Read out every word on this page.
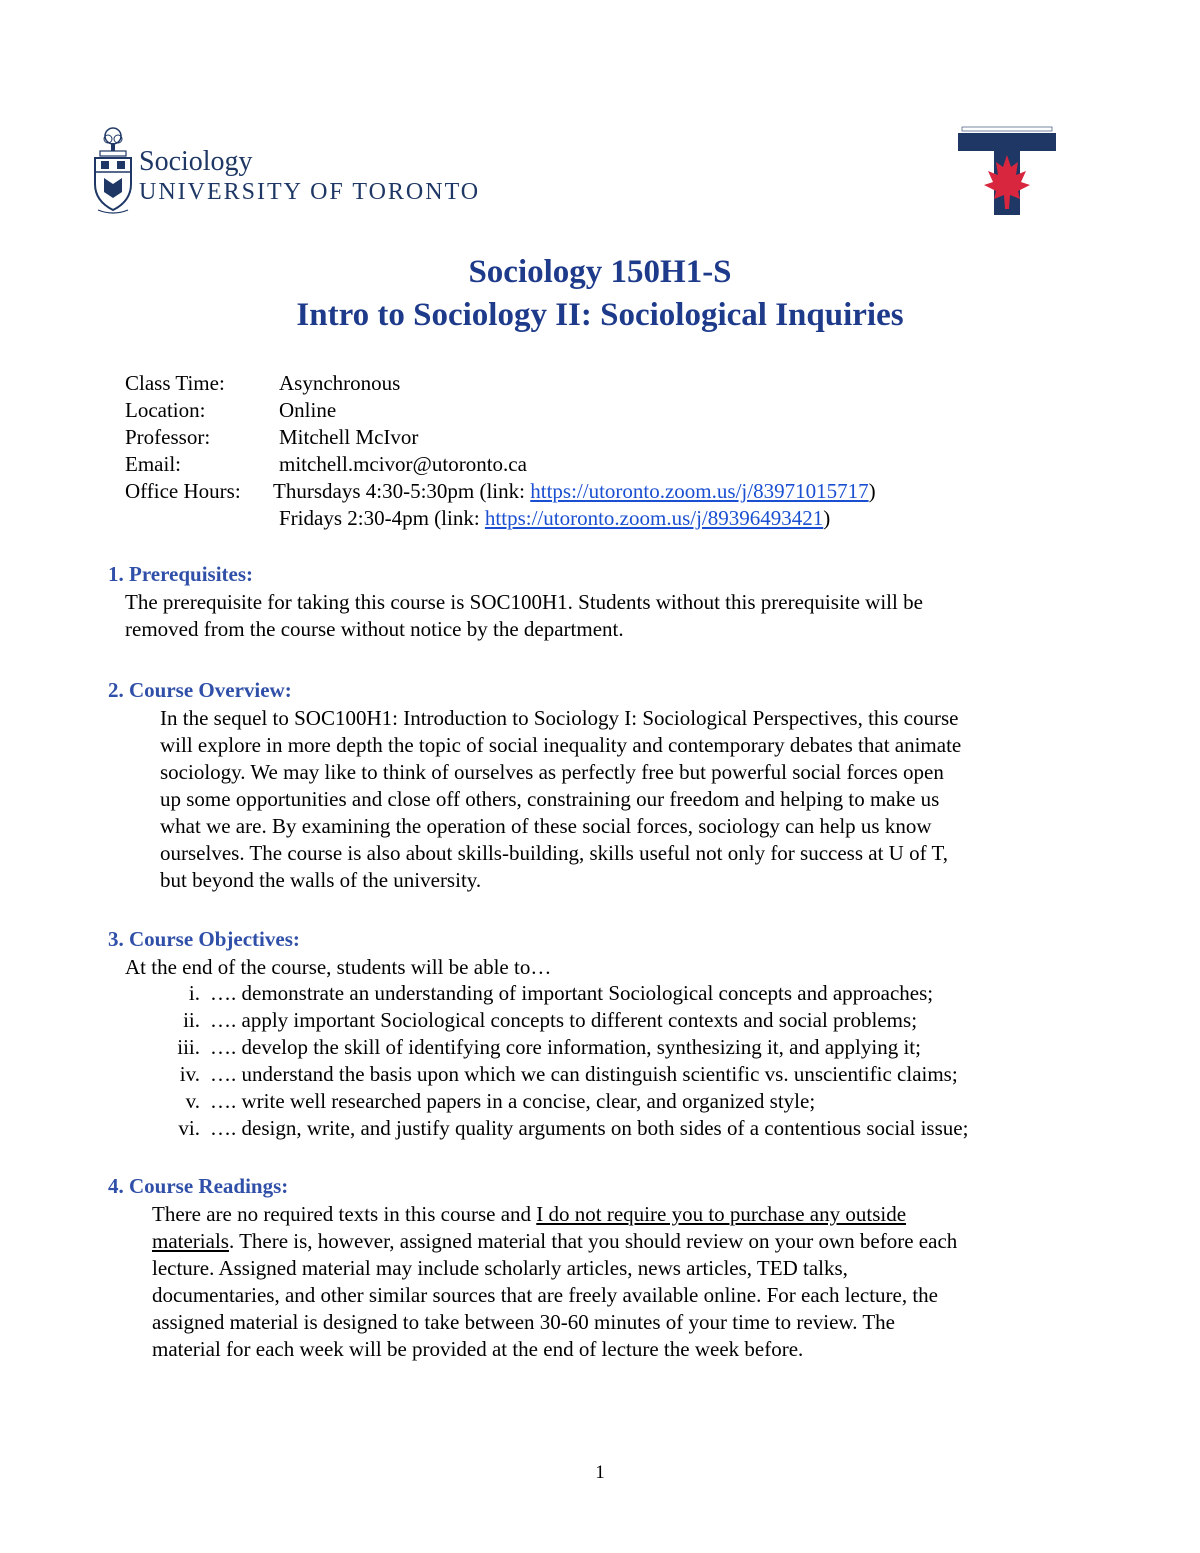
Sociology
UNIVERSITY OF TORONTO
Sociology 150H1-S
Intro to Sociology II: Sociological Inquiries
Class Time:	Asynchronous
Location:	Online
Professor:	Mitchell McIvor
Email:	mitchell.mcivor@utoronto.ca
Office Hours:	Thursdays 4:30-5:30pm (link: https://utoronto.zoom.us/j/83971015717)
Fridays 2:30-4pm (link: https://utoronto.zoom.us/j/89396493421)
1. Prerequisites:
The prerequisite for taking this course is SOC100H1. Students without this prerequisite will be
removed from the course without notice by the department.
2. Course Overview:
In the sequel to SOC100H1: Introduction to Sociology I: Sociological Perspectives, this course
will explore in more depth the topic of social inequality and contemporary debates that animate
sociology. We may like to think of ourselves as perfectly free but powerful social forces open
up some opportunities and close off others, constraining our freedom and helping to make us
what we are. By examining the operation of these social forces, sociology can help us know
ourselves. The course is also about skills-building, skills useful not only for success at U of T,
but beyond the walls of the university.
3. Course Objectives:
At the end of the course, students will be able to…
i. …. demonstrate an understanding of important Sociological concepts and approaches;
ii. …. apply important Sociological concepts to different contexts and social problems;
iii. …. develop the skill of identifying core information, synthesizing it, and applying it;
iv. …. understand the basis upon which we can distinguish scientific vs. unscientific claims;
v. …. write well researched papers in a concise, clear, and organized style;
vi. …. design, write, and justify quality arguments on both sides of a contentious social issue;
4. Course Readings:
There are no required texts in this course and I do not require you to purchase any outside
materials. There is, however, assigned material that you should review on your own before each
lecture. Assigned material may include scholarly articles, news articles, TED talks,
documentaries, and other similar sources that are freely available online. For each lecture, the
assigned material is designed to take between 30-60 minutes of your time to review. The
material for each week will be provided at the end of lecture the week before.
1
